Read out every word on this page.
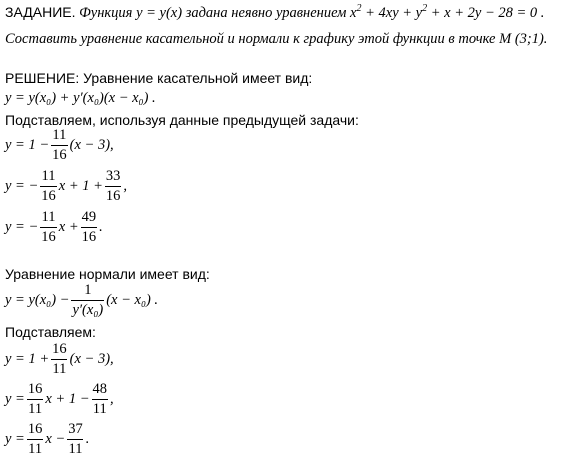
ЗАДАНИЕ. Функция y = y(x) задана неявно уравнением $x^2 + 4xy + y^2 + x + 2y - 28 = 0$ .
Составить уравнение касательной и нормали к графику этой функции в точке M (3;1).
РЕШЕНИЕ: Уравнение касательной имеет вид:
y = y(x₀) + y′(x₀)(x − x₀) .
Подставляем, используя данные предыдущей задачи:
$y = 1 - \frac{11}{16} (x - 3)$,
y = − $\frac{11}{16}$ $x + 1 + \frac{33}{16}$ ,
y = − $\frac{11}{16}$ $x + \frac{49}{16}$ .
Уравнение нормали имеет вид:
$y = y(x_0) - \frac{1}{\text{y′(x₀)}} (x - x_0)$ .
Подставляем:
$y = 1 + \frac{16}{11} (x - 3)$,
$y = \frac{16}{11}$ $x + 1 - \frac{48}{11}$ ,
$y = \frac{16}{11}$ $x - \frac{37}{11}$ .
